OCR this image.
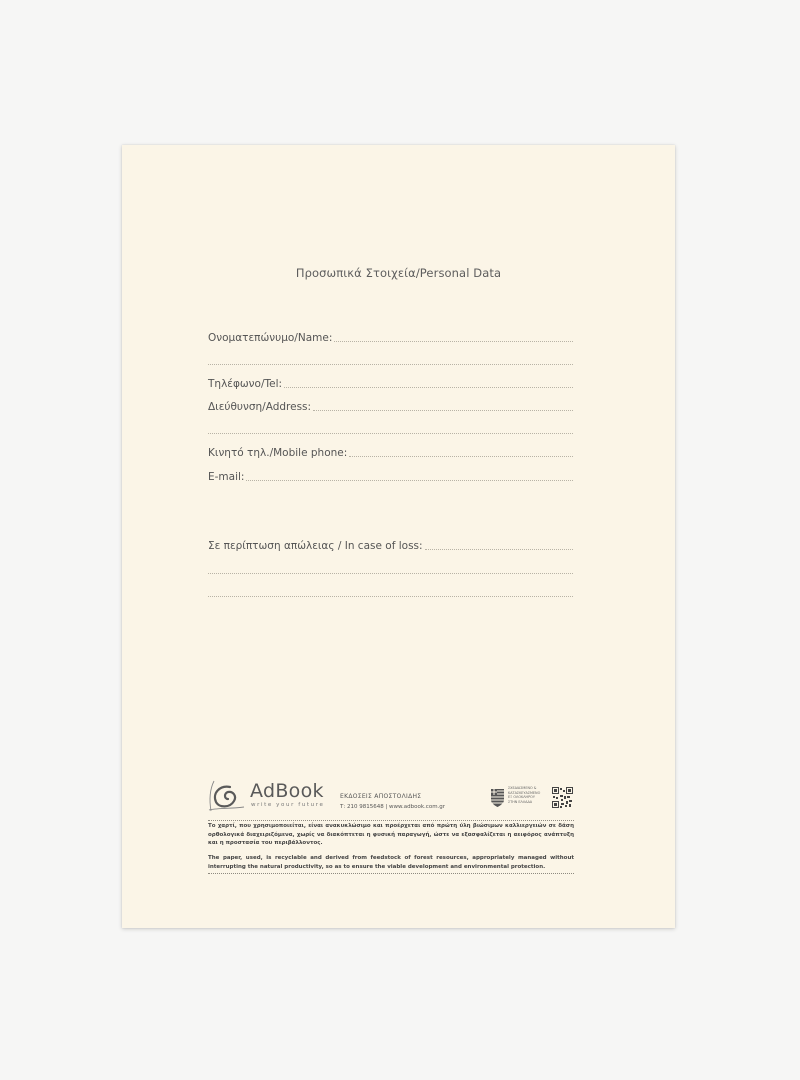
Προσωπικά Στοιχεία/Personal Data
Ονοματεπώνυμο/Name:
Τηλέφωνο/Tel:
Διεύθυνση/Address:
Κινητό τηλ./Mobile phone:
E-mail:
Σε περίπτωση απώλειας / In case of loss:
AdBook
write your future
ΕΚΔΟΣΕΙΣ ΑΠΟΣΤΟΛΙΔΗΣ
Τ: 210 9815648 | www.adbook.com.gr
ΣΧΕΔΙΑΣΜΕΝΟ &
ΚΑΤΑΣΚΕΥΑΣΜΕΝΟ
ΕΞ ΟΛΟΚΛΗΡΟΥ
ΣΤΗΝ ΕΛΛΑΔΑ
Το χαρτί, που χρησιμοποιείται, είναι ανακυκλώσιμο και προέρχεται από πρώτη ύλη βιώσιμων καλλιεργειών σε δάση ορθολογικά διαχειριζόμενα, χωρίς να διακόπτεται η φυσική παραγωγή, ώστε να εξασφαλίζεται η αειφόρος ανάπτυξη και η προστασία του περιβάλλοντος.
The paper, used, is recyclable and derived from feedstock of forest resources, appropriately managed without interrupting the natural productivity, so as to ensure the viable development and environmental protection.
